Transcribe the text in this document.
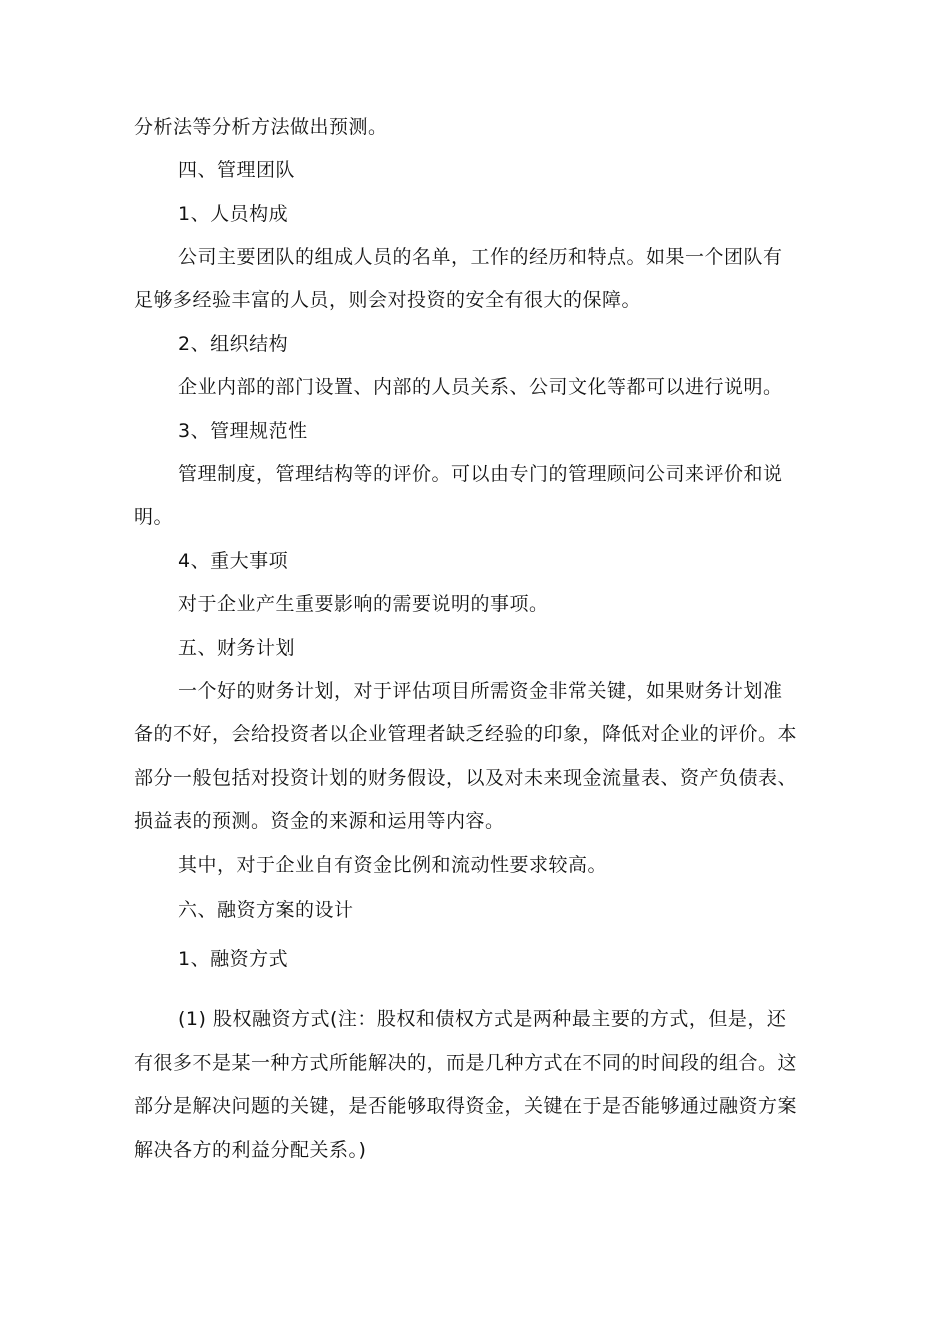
分析法等分析方法做出预测。
四、管理团队
1、人员构成
公司主要团队的组成人员的名单，工作的经历和特点。如果一个团队有
足够多经验丰富的人员，则会对投资的安全有很大的保障。
2、组织结构
企业内部的部门设置、内部的人员关系、公司文化等都可以进行说明。
3、管理规范性
管理制度，管理结构等的评价。可以由专门的管理顾问公司来评价和说
明。
4、重大事项
对于企业产生重要影响的需要说明的事项。
五、财务计划
一个好的财务计划，对于评估项目所需资金非常关键，如果财务计划准
备的不好，会给投资者以企业管理者缺乏经验的印象，降低对企业的评价。本
部分一般包括对投资计划的财务假设，以及对未来现金流量表、资产负债表、
损益表的预测。资金的来源和运用等内容。
其中，对于企业自有资金比例和流动性要求较高。
六、融资方案的设计
1、融资方式
(1) 股权融资方式(注：股权和债权方式是两种最主要的方式，但是，还
有很多不是某一种方式所能解决的，而是几种方式在不同的时间段的组合。这
部分是解决问题的关键，是否能够取得资金，关键在于是否能够通过融资方案
解决各方的利益分配关系。)
